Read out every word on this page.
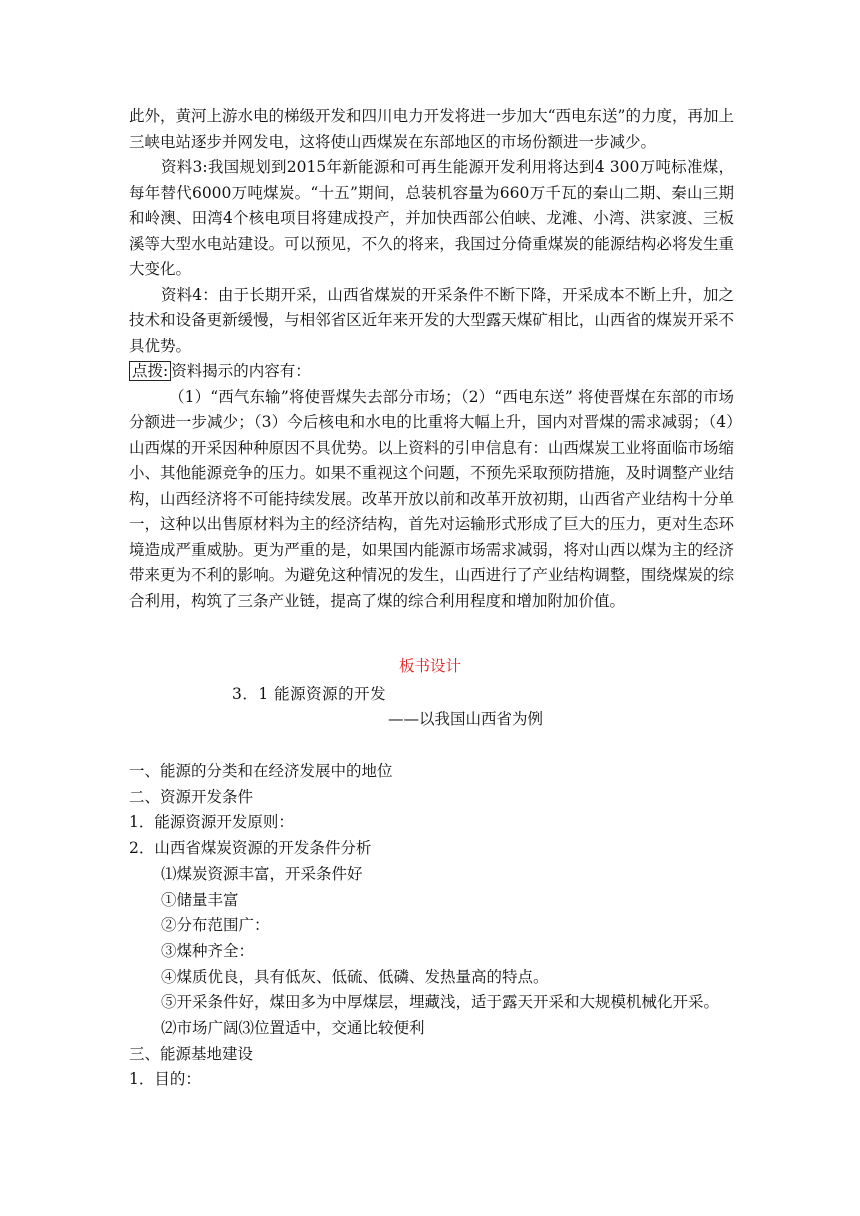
此外，黄河上游水电的梯级开发和四川电力开发将进一步加大“西电东送”的力度，再加上三峡电站逐步并网发电，这将使山西煤炭在东部地区的市场份额进一步减少。

资料3:我国规划到2015年新能源和可再生能源开发利用将达到4 300万吨标准煤，每年替代6000万吨煤炭。“十五”期间，总装机容量为660万千瓦的秦山二期、秦山三期和岭澳、田湾4个核电项目将建成投产，并加快西部公伯峡、龙滩、小湾、洪家渡、三板溪等大型水电站建设。可以预见，不久的将来，我国过分倚重煤炭的能源结构必将发生重大变化。

资料4：由于长期开采，山西省煤炭的开采条件不断下降，开采成本不断上升，加之技术和设备更新缓慢，与相邻省区近年来开发的大型露天煤矿相比，山西省的煤炭开采不具优势。

点拨: 资料揭示的内容有：

（1）“西气东输”将使晋煤失去部分市场；（2）“西电东送” 将使晋煤在东部的市场分额进一步减少；（3）今后核电和水电的比重将大幅上升，国内对晋煤的需求减弱；（4）山西煤的开采因种种原因不具优势。以上资料的引申信息有：山西煤炭工业将面临市场缩小、其他能源竞争的压力。如果不重视这个问题，不预先采取预防措施，及时调整产业结构，山西经济将不可能持续发展。改革开放以前和改革开放初期，山西省产业结构十分单一，这种以出售原材料为主的经济结构，首先对运输形式形成了巨大的压力，更对生态环境造成严重威胁。更为严重的是，如果国内能源市场需求减弱，将对山西以煤为主的经济带来更为不利的影响。为避免这种情况的发生，山西进行了产业结构调整，围绕煤炭的综合利用，构筑了三条产业链，提高了煤的综合利用程度和增加附加价值。

板书设计
3．1 能源资源的开发
——以我国山西省为例
一、能源的分类和在经济发展中的地位
二、资源开发条件
1．能源资源开发原则：
2．山西省煤炭资源的开发条件分析
⑴煤炭资源丰富，开采条件好
①储量丰富
②分布范围广：
③煤种齐全：
④煤质优良，具有低灰、低硫、低磷、发热量高的特点。
⑤开采条件好，煤田多为中厚煤层，埋藏浅，适于露天开采和大规模机械化开采。
⑵市场广阔⑶位置适中，交通比较便利
三、能源基地建设
1．目的：
